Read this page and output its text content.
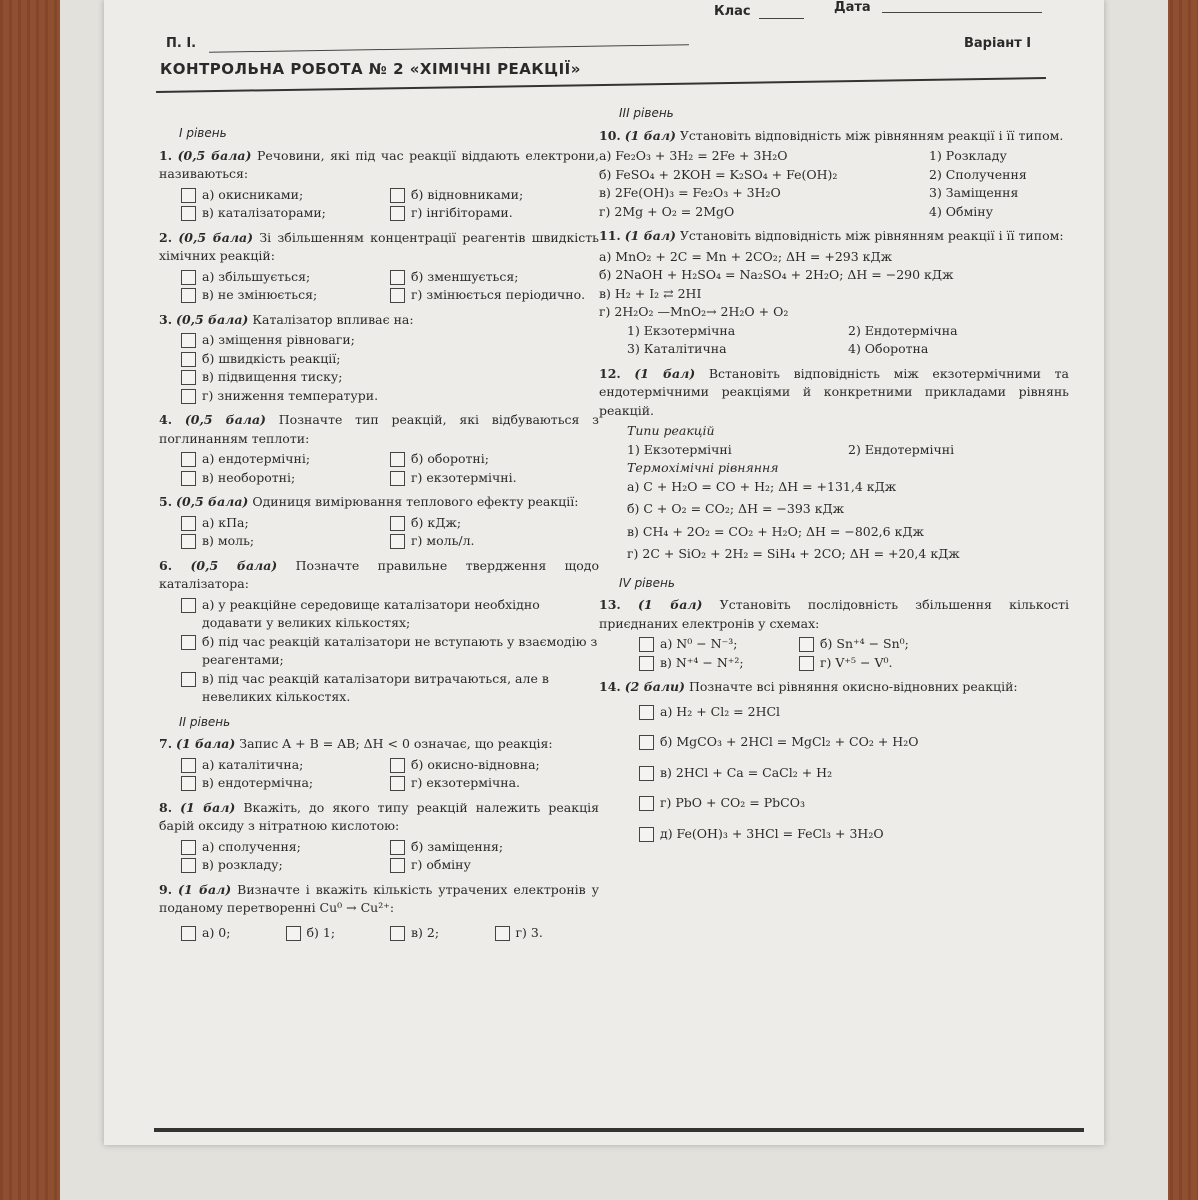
Клас	Дата
П. І.	Варіант І
КОНТРОЛЬНА РОБОТА № 2 «ХІМІЧНІ РЕАКЦІЇ»
І рівень
1. (0,5 бала) Речовини, які під час реакції віддають електрони, називаються:
а) окисниками;	б) відновниками;
в) каталізаторами;	г) інгібіторами.
2. (0,5 бала) Зі збільшенням концентрації реагентів швидкість хімічних реакцій:
а) збільшується;	б) зменшується;
в) не змінюється;	г) змінюється періодично.
3. (0,5 бала) Каталізатор впливає на:
а) зміщення рівноваги;
б) швидкість реакції;
в) підвищення тиску;
г) зниження температури.
4. (0,5 бала) Позначте тип реакцій, які відбуваються з поглинанням теплоти:
а) ендотермічні;	б) оборотні;
в) необоротні;	г) екзотермічні.
5. (0,5 бала) Одиниця вимірювання теплового ефекту реакції:
а) кПа;	б) кДж;
в) моль;	г) моль/л.
6. (0,5 бала) Позначте правильне твердження щодо каталізатора:
а) у реакційне середовище каталізатори необхідно додавати у великих кількостях;
б) під час реакцій каталізатори не вступають у взаємодію з реагентами;
в) під час реакцій каталізатори витрачаються, але в невеликих кількостях.
ІІ рівень
7. (1 бала) Запис A + B = AB; ΔH < 0 означає, що реакція:
а) каталітична;	б) окисно-відновна;
в) ендотермічна;	г) екзотермічна.
8. (1 бал) Вкажіть, до якого типу реакцій належить реакція барій оксиду з нітратною кислотою:
а) сполучення;	б) заміщення;
в) розкладу;	г) обміну
9. (1 бал) Визначте і вкажіть кількість утрачених електронів у поданому перетворенні Cu⁰ → Cu²⁺:
а) 0;	б) 1;	в) 2;	г) 3.
ІІІ рівень
10. (1 бал) Установіть відповідність між рівнянням реакції і її типом.
а) Fe₂O₃ + 3H₂ = 2Fe + 3H₂O	1) Розкладу
б) FeSO₄ + 2KOH = K₂SO₄ + Fe(OH)₂	2) Сполучення
в) 2Fe(OH)₃ = Fe₂O₃ + 3H₂O	3) Заміщення
г) 2Mg + O₂ = 2MgO	4) Обміну
11. (1 бал) Установіть відповідність між рівнянням реакції і її типом:
а) MnO₂ + 2C = Mn + 2CO₂; ΔH = +293 кДж
б) 2NaOH + H₂SO₄ = Na₂SO₄ + 2H₂O; ΔH = −290 кДж
в) H₂ + I₂ ⇄ 2HI
г) 2H₂O₂ —MnO₂→ 2H₂O + O₂
1) Екзотермічна	2) Ендотермічна
3) Каталітична	4) Оборотна
12. (1 бал) Встановіть відповідність між екзотермічними та ендотермічними реакціями й конкретними прикладами рівнянь реакцій.
Типи реакцій
1) Екзотермічні	2) Ендотермічні
Термохімічні рівняння
а) C + H₂O = CO + H₂; ΔH = +131,4 кДж
б) C + O₂ = CO₂; ΔH = −393 кДж
в) CH₄ + 2O₂ = CO₂ + H₂O; ΔH = −802,6 кДж
г) 2C + SiO₂ + 2H₂ = SiH₄ + 2CO; ΔH = +20,4 кДж
ІV рівень
13. (1 бал) Установіть послідовність збільшення кількості приєднаних електронів у схемах:
а) N⁰ − N⁻³;	б) Sn⁺⁴ − Sn⁰;
в) N⁺⁴ − N⁺²;	г) V⁺⁵ − V⁰.
14. (2 бали) Позначте всі рівняння окисно-відновних реакцій:
а) H₂ + Cl₂ = 2HCl
б) MgCO₃ + 2HCl = MgCl₂ + CO₂ + H₂O
в) 2HCl + Ca = CaCl₂ + H₂
г) PbO + CO₂ = PbCO₃
д) Fe(OH)₃ + 3HCl = FeCl₃ + 3H₂O
